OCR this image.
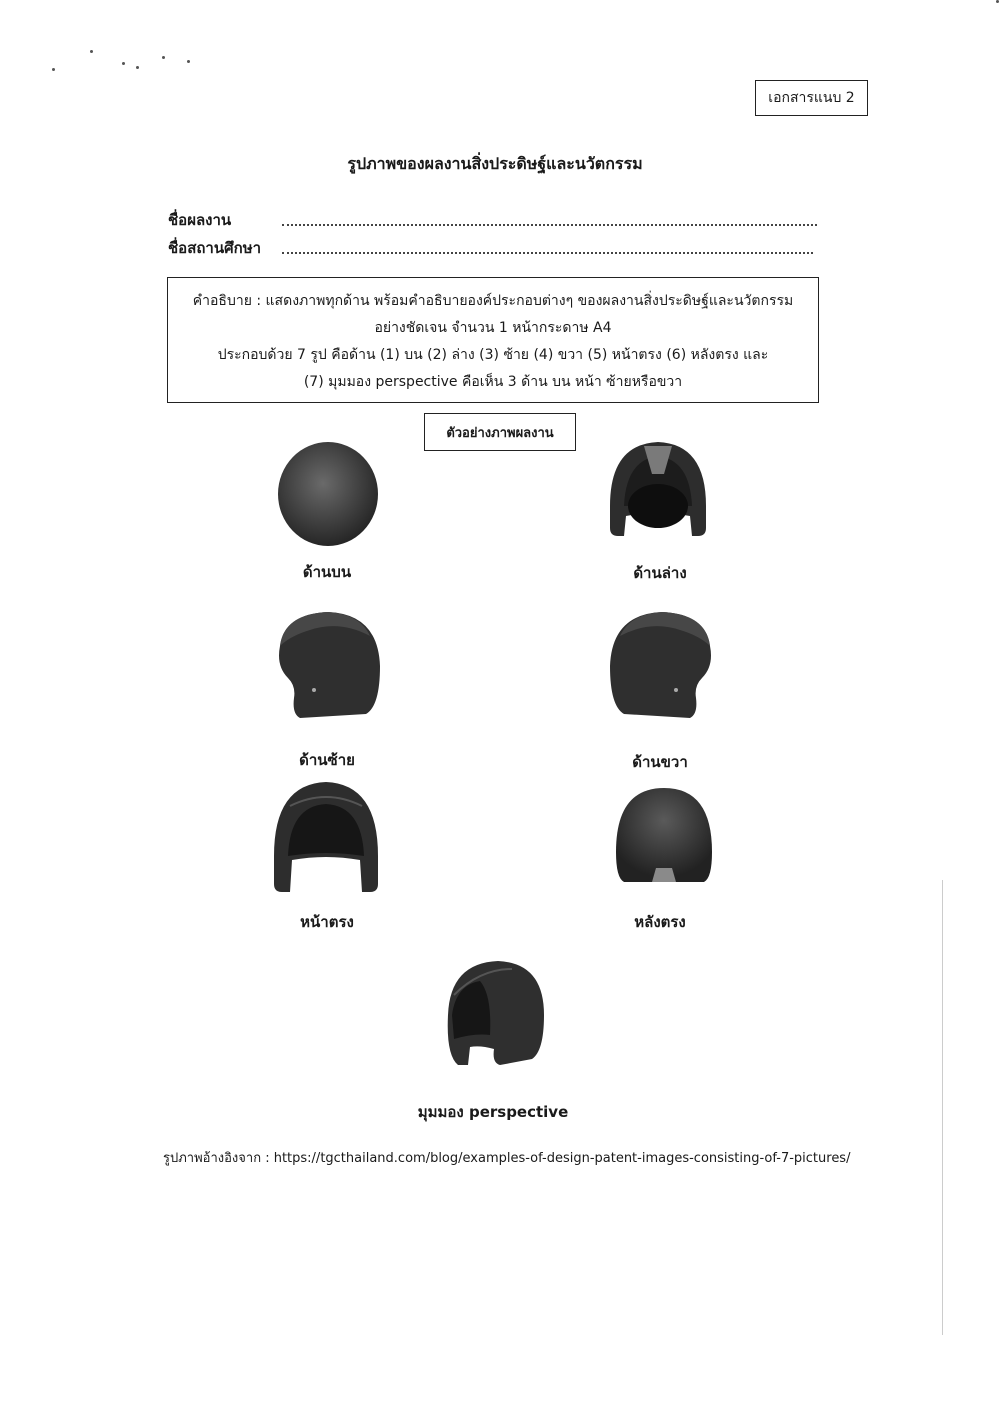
เอกสารแนบ 2
รูปภาพของผลงานสิ่งประดิษฐ์และนวัตกรรม
ชื่อผลงาน
ชื่อสถานศึกษา
คำอธิบาย : แสดงภาพทุกด้าน พร้อมคำอธิบายองค์ประกอบต่างๆ ของผลงานสิ่งประดิษฐ์และนวัตกรรม
อย่างชัดเจน จำนวน 1 หน้ากระดาษ A4
ประกอบด้วย 7 รูป คือด้าน (1) บน (2) ล่าง (3) ซ้าย (4) ขวา (5) หน้าตรง (6) หลังตรง และ
(7) มุมมอง perspective คือเห็น 3 ด้าน บน หน้า ซ้ายหรือขวา
ตัวอย่างภาพผลงาน
ด้านบน	ด้านล่าง
ด้านซ้าย	ด้านขวา
หน้าตรง	หลังตรง
มุมมอง perspective
รูปภาพอ้างอิงจาก : https://tgcthailand.com/blog/examples-of-design-patent-images-consisting-of-7-pictures/
